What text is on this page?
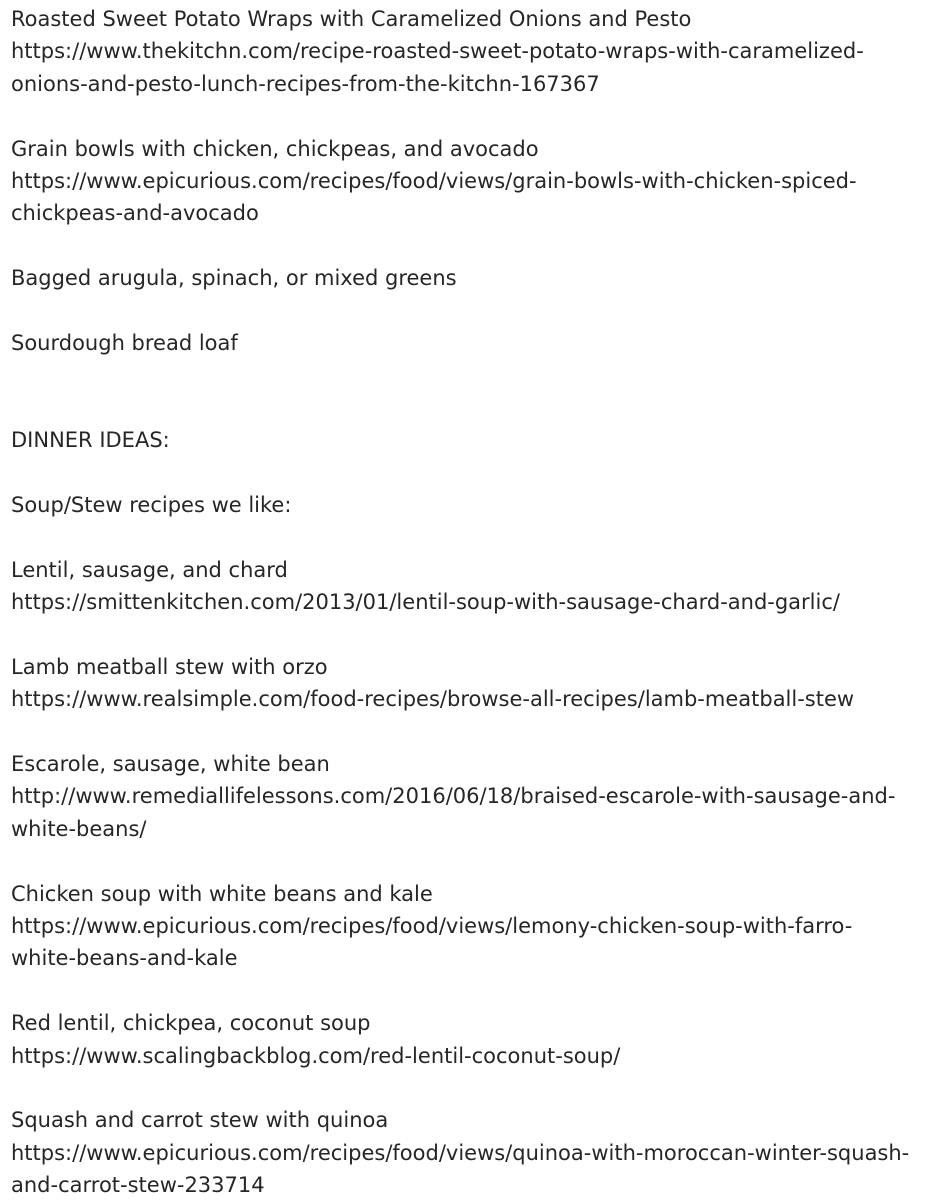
Roasted Sweet Potato Wraps with Caramelized Onions and Pesto
https://www.thekitchn.com/recipe-roasted-sweet-potato-wraps-with-caramelized-
onions-and-pesto-lunch-recipes-from-the-kitchn-167367
Grain bowls with chicken, chickpeas, and avocado
https://www.epicurious.com/recipes/food/views/grain-bowls-with-chicken-spiced-
chickpeas-and-avocado
Bagged arugula, spinach, or mixed greens
Sourdough bread loaf
DINNER IDEAS:
Soup/Stew recipes we like:
Lentil, sausage, and chard
https://smittenkitchen.com/2013/01/lentil-soup-with-sausage-chard-and-garlic/
Lamb meatball stew with orzo
https://www.realsimple.com/food-recipes/browse-all-recipes/lamb-meatball-stew
Escarole, sausage, white bean
http://www.remediallifelessons.com/2016/06/18/braised-escarole-with-sausage-and-
white-beans/
Chicken soup with white beans and kale
https://www.epicurious.com/recipes/food/views/lemony-chicken-soup-with-farro-
white-beans-and-kale
Red lentil, chickpea, coconut soup
https://www.scalingbackblog.com/red-lentil-coconut-soup/
Squash and carrot stew with quinoa
https://www.epicurious.com/recipes/food/views/quinoa-with-moroccan-winter-squash-
and-carrot-stew-233714
